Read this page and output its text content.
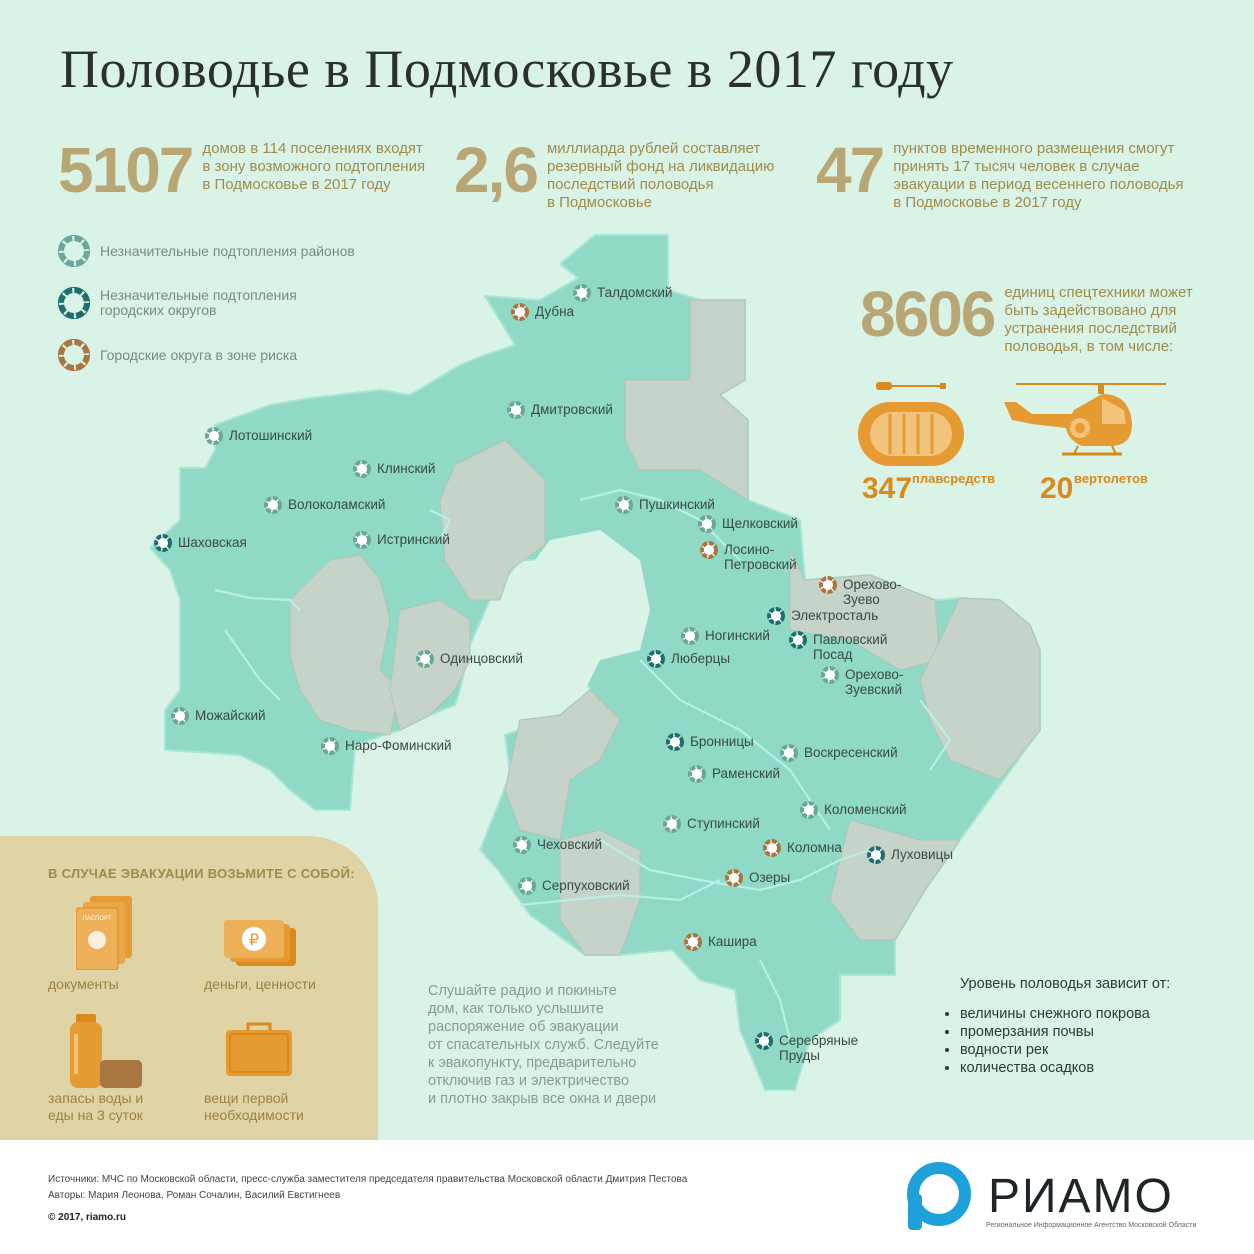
Половодье в Подмосковье в 2017 году
5107 домов в 114 поселениях входят
в зону возможного подтопления
в Подмосковье в 2017 году 2,6 миллиарда рублей составляет
резервный фонд на ликвидацию
последствий половодья
в Подмосковье	47 пунктов временного размещения смогут
принять 17 тысяч человек в случае
эвакуации в период весеннего половодья
в Подмосковье в 2017 году
8606 единиц спецтехники может
быть задействовано для
устранения последствий
половодья, в том числе:
Незначительные подтопления районов
Незначительные подтопления
городских округов
Городские округа в зоне риска
Талдомский
Дубна
Дмитровский
Лотошинский
Клинский
Волоколамский
Истринский
Шаховская
Пушкинский
Щелковский
Лосино-
Петровский
Орехово-
Зуево
Электросталь
Ногинский	Павловский
Посад
Люберцы
Одинцовский
Орехово-
Зуевский
Можайский
Наро-Фоминский	Бронницы
Воскресенский
Раменский
Коломенский
Ступинский
Чеховский	Коломна	Луховицы
Серпуховский
Озеры
Кашира
Серебряные
Пруды
347 плавсредств 20 вертолетов
В СЛУЧАЕ ЭВАКУАЦИИ ВОЗЬМИТЕ С СОБОЙ:
ПАСПОРТ
₽
документы	деньги, ценности
запасы воды и
еды на 3 суток
вещи первой
необходимости
Слушайте радио и покиньте
дом, как только услышите
распоряжение об эвакуации
от спасательных служб. Следуйте
к эвакопункту, предварительно
отключив газ и электричество
и плотно закрыв все окна и двери
Уровень половодья зависит от:
• величины снежного покрова
• промерзания почвы
• водности рек
• количества осадков
Источники: МЧС по Московской области, пресс-служба заместителя председателя правительства Московской области Дмитрия Пестова
Авторы: Мария Леонова, Роман Сочалин, Василий Евстигнеев
© 2017, riamo.ru	РИАМО
Региональное Информационное Агентство Московской Области
